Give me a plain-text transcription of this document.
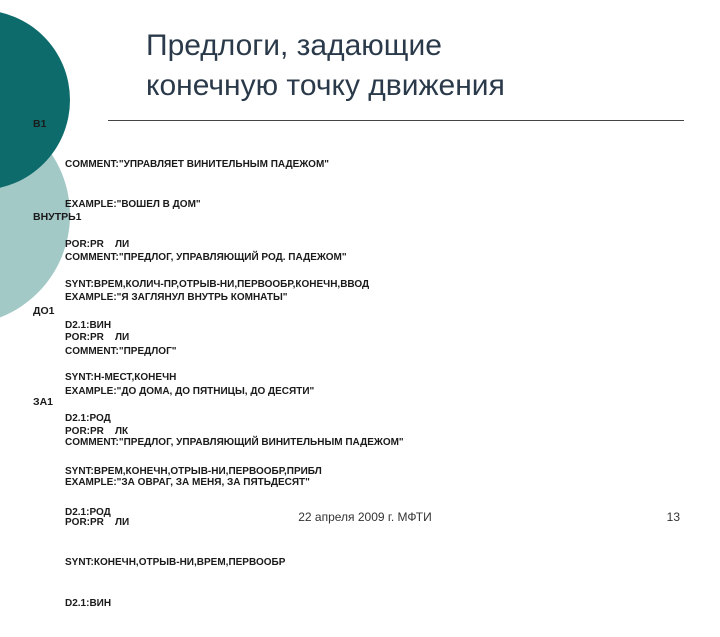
Предлоги, задающие
конечную точку движения
В1

COMMENT:"УПРАВЛЯЕТ ВИНИТЕЛЬНЫМ ПАДЕЖОМ"

EXAMPLE:"ВОШЕЛ В ДОМ"

POR:PR    ЛИ

SYNT:ВРЕМ,КОЛИЧ-ПР,ОТРЫВ-НИ,ПЕРВООБР,КОНЕЧН,ВВОД

D2.1:ВИН

ВНУТРЬ1

COMMENT:"ПРЕДЛОГ, УПРАВЛЯЮЩИЙ РОД. ПАДЕЖОМ"

EXAMPLE:"Я ЗАГЛЯНУЛ ВНУТРЬ КОМНАТЫ"

POR:PR    ЛИ

SYNT:Н-МЕСТ,КОНЕЧН

D2.1:РОД

ДО1

COMMENT:"ПРЕДЛОГ"

EXAMPLE:"ДО ДОМА, ДО ПЯТНИЦЫ, ДО ДЕСЯТИ"

POR:PR    ЛК

SYNT:ВРЕМ,КОНЕЧН,ОТРЫВ-НИ,ПЕРВООБР,ПРИБЛ

D2.1:РОД

ЗА1

COMMENT:"ПРЕДЛОГ, УПРАВЛЯЮЩИЙ ВИНИТЕЛЬНЫМ ПАДЕЖОМ"

EXAMPLE:"ЗА ОВРАГ, ЗА МЕНЯ, ЗА ПЯТЬДЕСЯТ"

POR:PR    ЛИ

SYNT:КОНЕЧН,ОТРЫВ-НИ,ВРЕМ,ПЕРВООБР

D2.1:ВИН

22 апреля 2009 г. МФТИ	13
